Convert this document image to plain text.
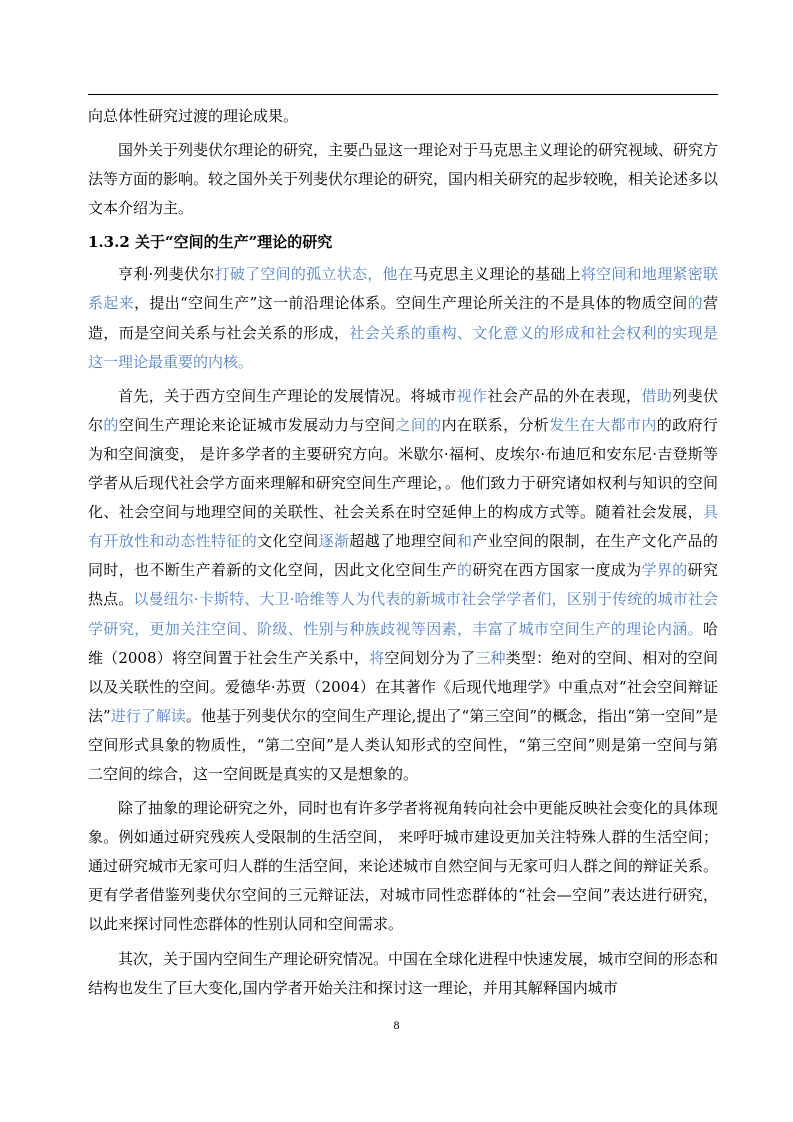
向总体性研究过渡的理论成果。

国外关于列斐伏尔理论的研究，主要凸显这一理论对于马克思主义理论的研究视域、研究方法等方面的影响。较之国外关于列斐伏尔理论的研究，国内相关研究的起步较晚，相关论述多以文本介绍为主。

1.3.2 关于“空间的生产”理论的研究

亨利·列斐伏尔打破了空间的孤立状态，他在马克思主义理论的基础上将空间和地理紧密联系起来，提出“空间生产”这一前沿理论体系。空间生产理论所关注的不是具体的物质空间的营造，而是空间关系与社会关系的形成，社会关系的重构、文化意义的形成和社会权利的实现是这一理论最重要的内核。

首先，关于西方空间生产理论的发展情况。将城市视作社会产品的外在表现，借助列斐伏尔的空间生产理论来论证城市发展动力与空间之间的内在联系，分析发生在大都市内的政府行为和空间演变， 是许多学者的主要研究方向。米歇尔·福柯、皮埃尔·布迪厄和安东尼·吉登斯等学者从后现代社会学方面来理解和研究空间生产理论，。他们致力于研究诸如权利与知识的空间化、社会空间与地理空间的关联性、社会关系在时空延伸上的构成方式等。随着社会发展，具有开放性和动态性特征的文化空间逐渐超越了地理空间和产业空间的限制，在生产文化产品的同时，也不断生产着新的文化空间，因此文化空间生产的研究在西方国家一度成为学界的研究热点。以曼纽尔·卡斯特、大卫·哈维等人为代表的新城市社会学学者们，区别于传统的城市社会学研究，更加关注空间、阶级、性别与种族歧视等因素，丰富了城市空间生产的理论内涵。哈维（2008）将空间置于社会生产关系中，将空间划分为了三种类型：绝对的空间、相对的空间以及关联性的空间。爱德华·苏贾（2004）在其著作《后现代地理学》中重点对“社会空间辩证法”进行了解读。他基于列斐伏尔的空间生产理论,提出了“第三空间”的概念，指出“第一空间”是空间形式具象的物质性，“第二空间”是人类认知形式的空间性，“第三空间”则是第一空间与第二空间的综合，这一空间既是真实的又是想象的。

除了抽象的理论研究之外，同时也有许多学者将视角转向社会中更能反映社会变化的具体现象。例如通过研究残疾人受限制的生活空间， 来呼吁城市建设更加关注特殊人群的生活空间；通过研究城市无家可归人群的生活空间，来论述城市自然空间与无家可归人群之间的辩证关系。更有学者借鉴列斐伏尔空间的三元辩证法，对城市同性恋群体的“社会—空间”表达进行研究，以此来探讨同性恋群体的性别认同和空间需求。

其次，关于国内空间生产理论研究情况。中国在全球化进程中快速发展，城市空间的形态和结构也发生了巨大变化,国内学者开始关注和探讨这一理论，并用其解释国内城市

8
